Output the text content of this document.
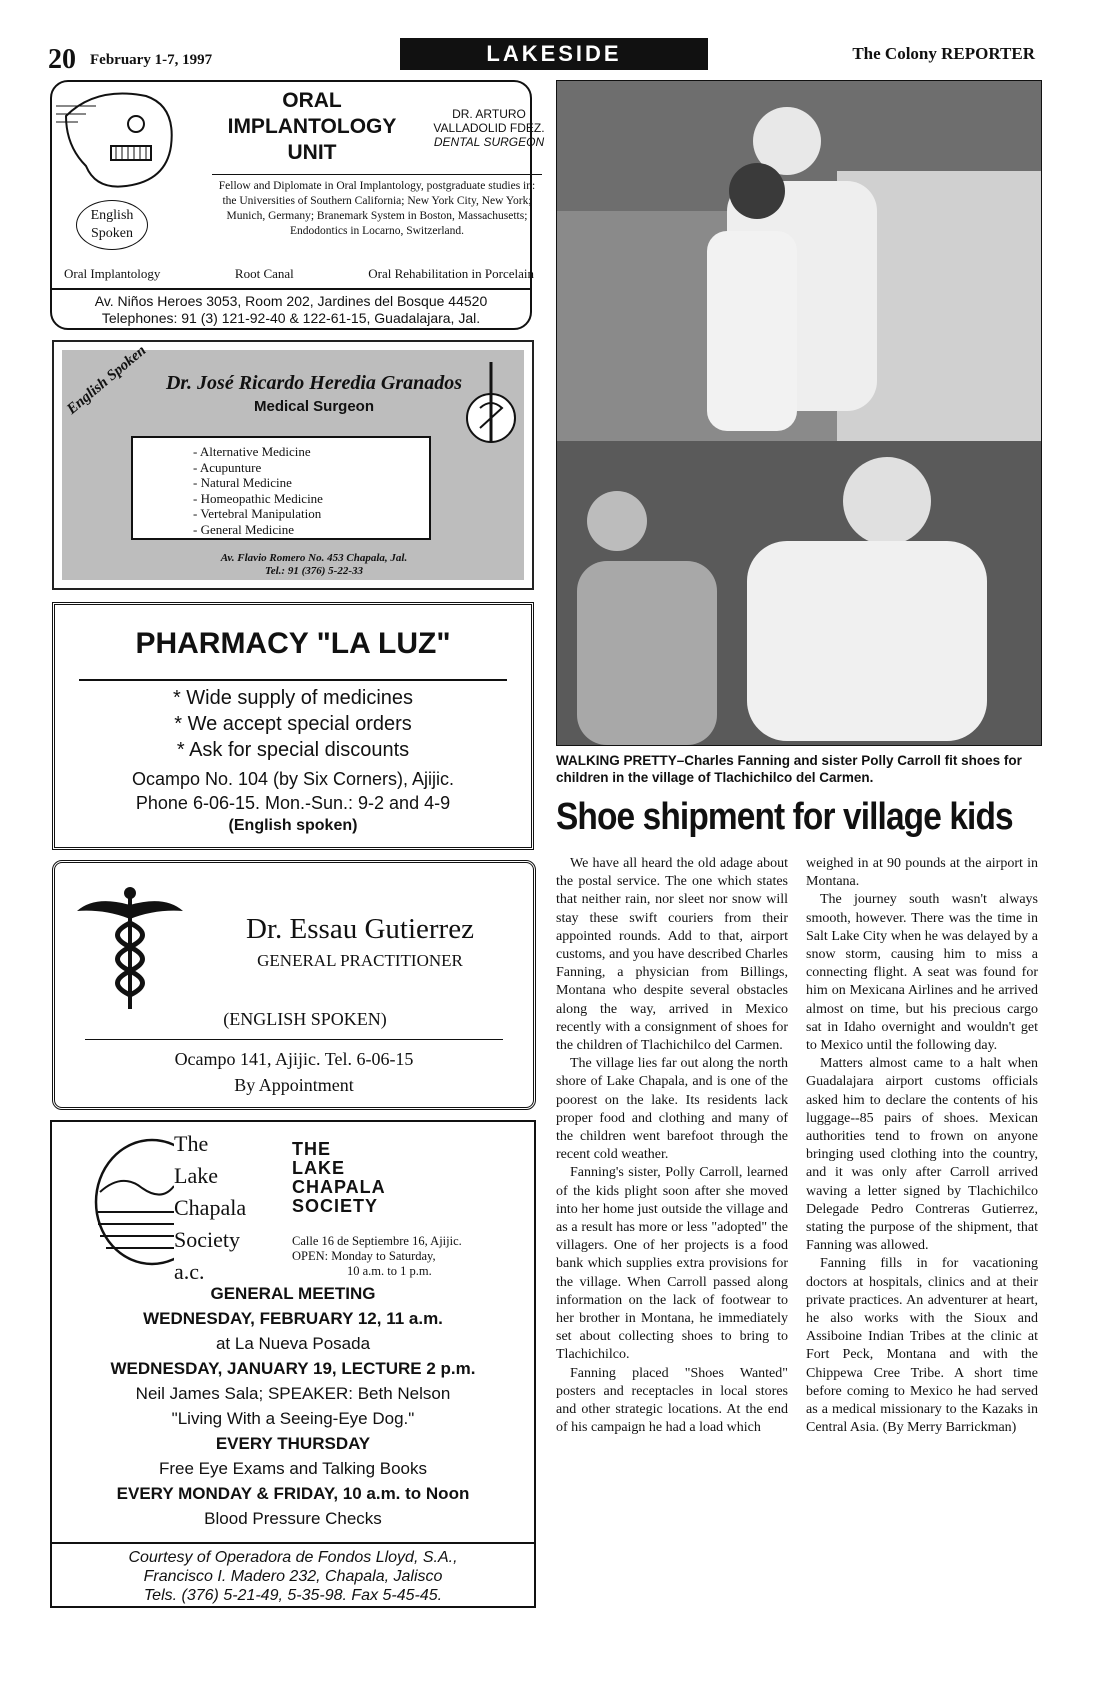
20 February 1-7, 1997	LAKESIDE	The Colony REPORTER
ORAL
IMPLANTOLOGY
UNIT
DR. ARTURO VALLADOLID FDEZ.
DENTAL SURGEON
Fellow and Diplomate in Oral Implantology, postgraduate studies in: the Universities of Southern California; New York City, New York; Munich, Germany; Branemark System in Boston, Massachusetts; Endodontics in Locarno, Switzerland.
English
Spoken
Oral Implantology	Root Canal	Oral Rehabilitation in Porcelain
Av. Niños Heroes 3053, Room 202, Jardines del Bosque 44520
Telephones: 91 (3) 121-92-40 & 122-61-15, Guadalajara, Jal.
English Spoken Dr. José Ricardo Heredia Granados
Medical Surgeon
- Alternative Medicine
- Acupunture
- Natural Medicine
- Homeopathic Medicine
- Vertebral Manipulation
- General Medicine
Av. Flavio Romero No. 453 Chapala, Jal.
Tel.: 91 (376) 5-22-33
PHARMACY "LA LUZ"
* Wide supply of medicines
* We accept special orders
* Ask for special discounts
Ocampo No. 104 (by Six Corners), Ajijic.
Phone 6-06-15. Mon.-Sun.: 9-2 and 4-9
(English spoken)
Dr. Essau Gutierrez
GENERAL PRACTITIONER
(ENGLISH SPOKEN)
Ocampo 141, Ajijic. Tel. 6-06-15
By Appointment
The
Lake
Chapala
Society
a.c.
THE
LAKE
CHAPALA
SOCIETY
Calle 16 de Septiembre 16, Ajijic.
OPEN: Monday to Saturday,
10 a.m. to 1 p.m.
GENERAL MEETING
WEDNESDAY, FEBRUARY 12, 11 a.m.
at La Nueva Posada
WEDNESDAY, JANUARY 19, LECTURE 2 p.m.
Neil James Sala; SPEAKER: Beth Nelson
"Living With a Seeing-Eye Dog."
EVERY THURSDAY
Free Eye Exams and Talking Books
EVERY MONDAY & FRIDAY, 10 a.m. to Noon
Blood Pressure Checks
Courtesy of Operadora de Fondos Lloyd, S.A.,
Francisco I. Madero 232, Chapala, Jalisco
Tels. (376) 5-21-49, 5-35-98. Fax 5-45-45.
WALKING PRETTY–Charles Fanning and sister Polly Carroll fit shoes for children in the village of Tlachichilco del Carmen.
Shoe shipment for village kids

We have all heard the old adage about the postal service. The one which states that neither rain, nor sleet nor snow will stay these swift couriers from their appointed rounds. Add to that, airport customs, and you have described Charles Fanning, a physician from Billings, Montana who despite several obstacles along the way, arrived in Mexico recently with a consignment of shoes for the children of Tlachichilco del Carmen.

The village lies far out along the north shore of Lake Chapala, and is one of the poorest on the lake. Its residents lack proper food and clothing and many of the children went barefoot through the recent cold weather.

Fanning's sister, Polly Carroll, learned of the kids plight soon after she moved into her home just outside the village and as a result has more or less "adopted" the villagers. One of her projects is a food bank which supplies extra provisions for the village. When Carroll passed along information on the lack of footwear to her brother in Montana, he immediately set about collecting shoes to bring to Tlachichilco.

Fanning placed "Shoes Wanted" posters and receptacles in local stores and other strategic locations. At the end of his campaign he had a load which

weighed in at 90 pounds at the airport in Montana.

The journey south wasn't always smooth, however. There was the time in Salt Lake City when he was delayed by a snow storm, causing him to miss a connecting flight. A seat was found for him on Mexicana Airlines and he arrived almost on time, but his precious cargo sat in Idaho overnight and wouldn't get to Mexico until the following day.

Matters almost came to a halt when Guadalajara airport customs officials asked him to declare the contents of his luggage--85 pairs of shoes. Mexican authorities tend to frown on anyone bringing used clothing into the country, and it was only after Carroll arrived waving a letter signed by Tlachichilco Delegade Pedro Contreras Gutierrez, stating the purpose of the shipment, that Fanning was allowed.

Fanning fills in for vacationing doctors at hospitals, clinics and at their private practices. An adventurer at heart, he also works with the Sioux and Assiboine Indian Tribes at the clinic at Fort Peck, Montana and with the Chippewa Cree Tribe. A short time before coming to Mexico he had served as a medical missionary to the Kazaks in Central Asia. (By Merry Barrickman)
